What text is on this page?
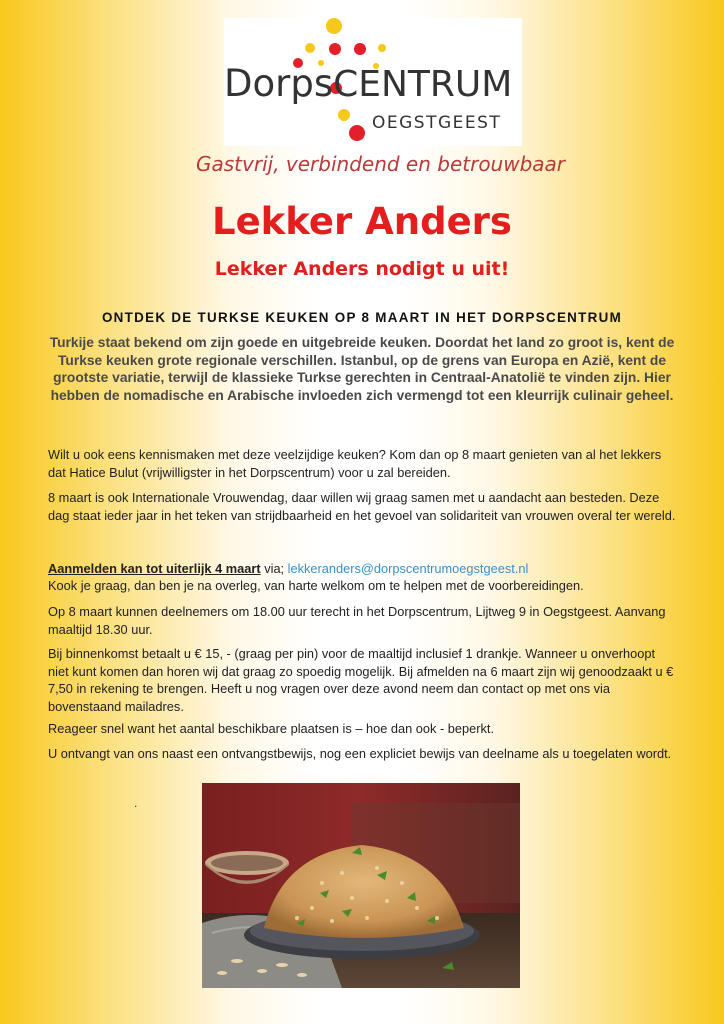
DorpsCENTRUM
OEGSTGEEST
Gastvrij, verbindend en betrouwbaar
Lekker Anders
Lekker Anders nodigt u uit!
ONTDEK DE TURKSE KEUKEN OP 8 MAART IN HET DORPSCENTRUM
Turkije staat bekend om zijn goede en uitgebreide keuken. Doordat het land zo groot is, kent de Turkse keuken grote regionale verschillen. Istanbul, op de grens van Europa en Azië, kent de grootste variatie, terwijl de klassieke Turkse gerechten in Centraal-Anatolië te vinden zijn. Hier hebben de nomadische en Arabische invloeden zich vermengd tot een kleurrijk culinair geheel.

Wilt u ook eens kennismaken met deze veelzijdige keuken? Kom dan op 8 maart genieten van al het lekkers dat Hatice Bulut (vrijwilligster in het Dorpscentrum) voor u zal bereiden.

8 maart is ook Internationale Vrouwendag, daar willen wij graag samen met u aandacht aan besteden. Deze dag staat ieder jaar in het teken van strijdbaarheid en het gevoel van solidariteit van vrouwen overal ter wereld.

Aanmelden kan tot uiterlijk 4 maart via; lekkeranders@dorpscentrumoegstgeest.nl

Kook je graag, dan ben je na overleg, van harte welkom om te helpen met de voorbereidingen.

Op 8 maart kunnen deelnemers om 18.00 uur terecht in het Dorpscentrum, Lijtweg 9 in Oegstgeest. Aanvang maaltijd 18.30 uur.

Bij binnenkomst betaalt u € 15, - (graag per pin) voor de maaltijd inclusief 1 drankje. Wanneer u onverhoopt niet kunt komen dan horen wij dat graag zo spoedig mogelijk. Bij afmelden na 6 maart zijn wij genoodzaakt u € 7,50 in rekening te brengen. Heeft u nog vragen over deze avond neem dan contact op met ons via bovenstaand mailadres.

Reageer snel want het aantal beschikbare plaatsen is – hoe dan ook - beperkt.

U ontvangt van ons naast een ontvangstbewijs, nog een expliciet bewijs van deelname als u toegelaten wordt.

.
